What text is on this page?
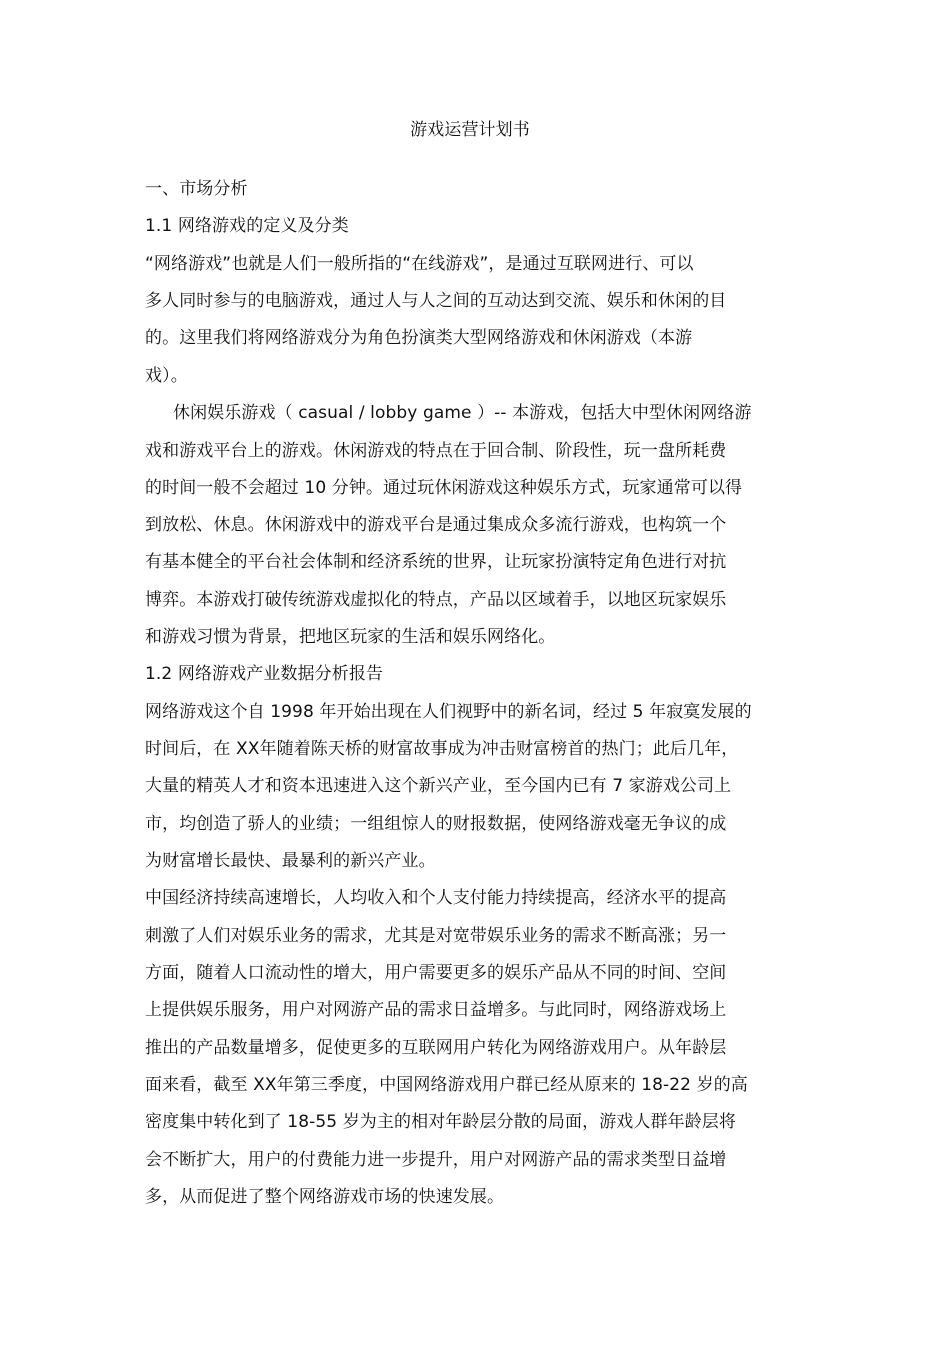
游戏运营计划书
一、市场分析
1.1 网络游戏的定义及分类
“网络游戏”也就是人们一般所指的“在线游戏”，是通过互联网进行、可以
多人同时参与的电脑游戏，通过人与人之间的互动达到交流、娱乐和休闲的目
的。这里我们将网络游戏分为角色扮演类大型网络游戏和休闲游戏（本游
戏）。
休闲娱乐游戏（ casual / lobby game ）-- 本游戏，包括大中型休闲网络游
戏和游戏平台上的游戏。休闲游戏的特点在于回合制、阶段性，玩一盘所耗费
的时间一般不会超过 10 分钟。通过玩休闲游戏这种娱乐方式，玩家通常可以得
到放松、休息。休闲游戏中的游戏平台是通过集成众多流行游戏，也构筑一个
有基本健全的平台社会体制和经济系统的世界，让玩家扮演特定角色进行对抗
博弈。本游戏打破传统游戏虚拟化的特点，产品以区域着手，以地区玩家娱乐
和游戏习惯为背景，把地区玩家的生活和娱乐网络化。
1.2 网络游戏产业数据分析报告
网络游戏这个自 1998 年开始出现在人们视野中的新名词，经过 5 年寂寞发展的
时间后，在 XX年随着陈天桥的财富故事成为冲击财富榜首的热门；此后几年，
大量的精英人才和资本迅速进入这个新兴产业，至今国内已有 7 家游戏公司上
市，均创造了骄人的业绩；一组组惊人的财报数据，使网络游戏毫无争议的成
为财富增长最快、最暴利的新兴产业。
中国经济持续高速增长，人均收入和个人支付能力持续提高，经济水平的提高
刺激了人们对娱乐业务的需求，尤其是对宽带娱乐业务的需求不断高涨；另一
方面，随着人口流动性的增大，用户需要更多的娱乐产品从不同的时间、空间
上提供娱乐服务，用户对网游产品的需求日益增多。与此同时，网络游戏场上
推出的产品数量增多，促使更多的互联网用户转化为网络游戏用户。从年龄层
面来看，截至 XX年第三季度，中国网络游戏用户群已经从原来的 18-22 岁的高
密度集中转化到了 18-55 岁为主的相对年龄层分散的局面，游戏人群年龄层将
会不断扩大，用户的付费能力进一步提升，用户对网游产品的需求类型日益增
多，从而促进了整个网络游戏市场的快速发展。
